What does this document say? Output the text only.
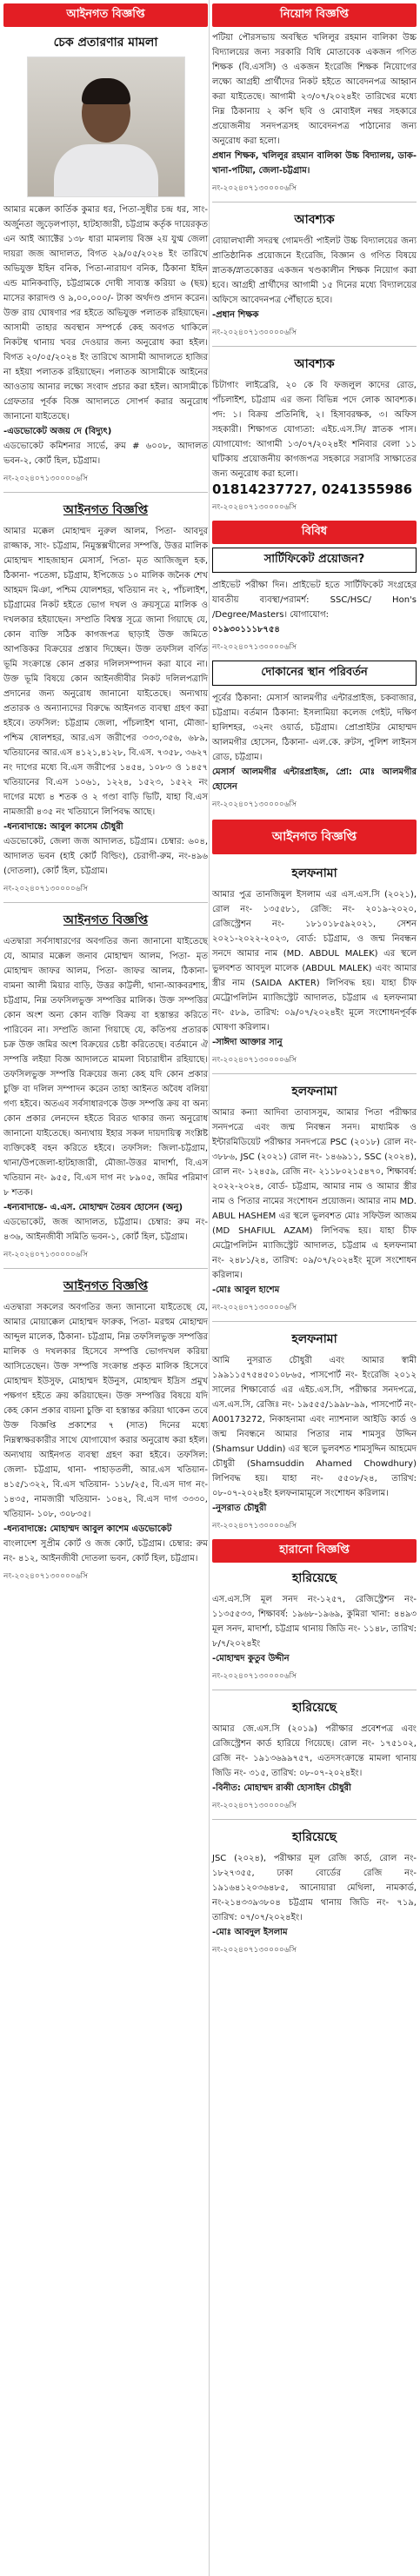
আইনগত বিজ্ঞপ্তি
চেক প্রতারণার মামলা
আমার মক্কেল কার্তিক কুমার ধর, পিতা-সুধীর চন্দ্র ধর, সাং-অর্জুনতা জুড়েলপাড়া, হাটহাজারী, চট্টগ্রাম কর্তৃক দায়েরকৃত এন আই অ্যাক্টের ১৩৮ ধারা মামলায় বিজ্ঞ ২য় যুগ্ম জেলা দায়রা জজ আদালত, বিগত ২৯/০৫/২০২৪ ইং তারিখে অভিযুক্ত ইহিন বনিক, পিতা-নারায়ণ বনিক, ঠিকানা ইহিন এন্ড মানিকবাড়ি, চট্টগ্রামকে দোষী সাব্যস্ত করিয়া ৬ (ছয়) মাসের কারাদণ্ড ও ৯,০০,০০০/- টাকা অর্থদণ্ড প্রদান করেন। উক্ত রায় ঘোষণার পর হইতে অভিযুক্ত পলাতক রহিয়াছেন। আসামী তাহার অবস্থান সম্পর্কে কেহ অবগত থাকিলে নিকটস্থ থানায় খবর দেওয়ার জন্য অনুরোধ করা হইল। বিগত ২০/০৫/২০২৪ ইং তারিখে আসামী আদালতে হাজির না হইয়া পলাতক রহিয়াছেন। পলাতক আসামীকে আইনের আওতায় আনার লক্ষ্যে সংবাদ প্রচার করা হইল। আসামীকে গ্রেফতার পূর্বক বিজ্ঞ আদালতে সোপর্দ করার অনুরোধ জানানো যাইতেছে।
-এডভোকেট অজয় দে (বিদ্যুৎ)
এডভোকেট কমিশনার সার্ভে, রুম # ৬০০৮, আদালত ভবন-২, কোর্ট হিল, চট্টগ্রাম।
নং-২০২৪০৭১৩০০০০৬সি
আইনগত বিজ্ঞপ্তি
আমার মক্কেল মোহাম্মদ নুরুল আলম, পিতা- আবদুর রাজ্জাক, সাং- চট্টগ্রাম, নিমুস্তক্সখীলের সম্পত্তি, উত্তর মালিক মোহাম্মদ শাহজাহান মেসার্স, পিতা- মৃত আজিজুল হক, ঠিকানা- পতেঙ্গা, চট্টগ্রাম, ইপিজেড ১০ মালিক জনৈক শেখ আহমদ মিঞা, পশ্চিম যোলশহর, খতিয়ান নং ২, পাঁচলাইশ, চট্টগ্রামের নিকট হইতে ভোগ দখল ও ক্রয়সূত্রে মালিক ও দখলকার হইয়াছেন। সম্প্রতি বিশ্বস্ত সূত্রে জানা গিয়াছে যে, কোন ব্যক্তি সঠিক কাগজপত্র ছাড়াই উক্ত জমিতে আপত্তিকর বিক্রয়ের প্রস্তাব দিচ্ছেন। উক্ত তফসিল বর্ণিত ভূমি সংক্রান্তে কোন প্রকার দলিলসম্পাদন করা যাবে না। উক্ত ভূমি বিষয়ে কোন আইনজীবীর নিকট দলিলপত্রাদি প্রদানের জন্য অনুরোধ জানানো যাইতেছে। অন্যথায় প্রতারক ও অন্যান্যদের বিরুদ্ধে আইনগত ব্যবস্থা গ্রহণ করা হইবে। তফসিল: চট্টগ্রাম জেলা, পাঁচলাইশ থানা, মৌজা- পশ্চিম ষোলশহর, আর.এস জরীপের ৩৩৩,৩৫৬, ৬৮৯, খতিয়ানের আর.এস ৪১২১,৪১২৮, বি.এস. ৭৩৫৮, ৩৬২৭ নং দাগের মধ্যে বি.এস জরীপের ১৪৫৪, ১০৮৩ ও ১৪৫৭ খতিয়ানের বি.এস ১০৬১, ১২২৪, ১৫২৩, ১৫২২ নং দাগের মধ্যে ৪ শতক ও ২ গণ্ডা বাড়ি ভিটি, যাহা বি.এস নামজারী ৪৩৫ নং খতিয়ানে লিপিবদ্ধ আছে।
-ধন্যবাদান্তে: আবুল কাসেম চৌধুরী
এডভোকেট, জেলা জজ আদালত, চট্টগ্রাম। চেম্বার: ৬০৪, আদালত ভবন (হাই কোর্ট বিল্ডিং), চেরাগী-রুম, নং-৪৯৬ (দোতলা), কোর্ট হিল, চট্টগ্রাম।
নং-২০২৪০৭১৩০০০০৬সি
আইনগত বিজ্ঞপ্তি
এতদ্বারা সর্বসাধারণের অবগতির জন্য জানানো যাইতেছে যে, আমার মক্কেল জনাব মোহাম্মদ আলম, পিতা- মৃত মোহাম্মদ জাফর আলম, পিতা- জাফর আলম, ঠিকানা- বামনা আলী মিয়ার বাড়ি, উত্তর কাট্টলী, থানা-আকবরশাহ, চট্টগ্রাম, নিম্ন তফসিলভুক্ত সম্পত্তির মালিক। উক্ত সম্পত্তির কোন অংশ অন্য কোন ব্যক্তি বিক্রয় বা হস্তান্তর করিতে পারিবেন না। সম্প্রতি জানা গিয়াছে যে, কতিপয় প্রতারক চক্র উক্ত জমির অংশ বিক্রয়ের চেষ্টা করিতেছে। বর্তমানে ঐ সম্পত্তি লইয়া বিজ্ঞ আদালতে মামলা বিচারাধীন রহিয়াছে। তফসিলভুক্ত সম্পত্তি বিক্রয়ের জন্য কেহ যদি কোন প্রকার চুক্তি বা দলিল সম্পাদন করেন তাহা আইনত অবৈধ বলিয়া গণ্য হইবে। অতএব সর্বসাধারণকে উক্ত সম্পত্তি ক্রয় বা অন্য কোন প্রকার লেনদেন হইতে বিরত থাকার জন্য অনুরোধ জানানো যাইতেছে। অন্যথায় ইহার সকল দায়দায়িত্ব সংশ্লিষ্ট ব্যক্তিকেই বহন করিতে হইবে। তফসিল: জিলা-চট্টগ্রাম, থানা/উপজেলা-হাটহাজারী, মৌজা-উত্তর মাদার্শা, বি.এস খতিয়ান নং- ৯৫৫, বি.এস দাগ নং ৮৯০৫, জমির পরিমাণ ৮ শতক।
-ধন্যবাদান্তে- এ.এস. মোহাম্মদ তৈয়ব হোসেন (অনু)
এডভোকেট, জজ আদালত, চট্টগ্রাম। চেম্বার: রুম নং- ৪৩৬, আইনজীবী সমিতি ভবন-১, কোর্ট হিল, চট্টগ্রাম।
নং-২০২৪০৭১৩০০০০৬সি
আইনগত বিজ্ঞপ্তি
এতদ্বারা সকলের অবগতির জন্য জানানো যাইতেছে যে, আমার মোয়াক্কেল মোহাম্মদ ফারুক, পিতা- মরহুম মোহাম্মদ আব্দুল মালেক, ঠিকানা- চট্টগ্রাম, নিম্ন তফসিলভুক্ত সম্পত্তির মালিক ও দখলকার হিসেবে সম্পত্তি ভোগদখল করিয়া আসিতেছেন। উক্ত সম্পত্তি সংক্রান্ত প্রকৃত মালিক হিসেবে মোহাম্মদ ইউসুফ, মোহাম্মদ ইউনুস, মোহাম্মদ ইদ্রিস প্রমুখ পক্ষগণ হইতে ক্রয় করিয়াছেন। উক্ত সম্পত্তির বিষয়ে যদি কেহ কোন প্রকার বায়না চুক্তি বা হস্তান্তর করিয়া থাকেন তবে উক্ত বিজ্ঞপ্তি প্রকাশের ৭ (সাত) দিনের মধ্যে নিম্নস্বাক্ষরকারীর সাথে যোগাযোগ করার অনুরোধ করা হইল। অন্যথায় আইনগত ব্যবস্থা গ্রহণ করা হইবে। তফসিল: জেলা- চট্টগ্রাম, থানা- পাহাড়তলী, আর.এস খতিয়ান- ৪১৫/১৩২২, বি.এস খতিয়ান- ১১৮/২৫, বি.এস দাগ নং- ১৪৩৫, নামজারী খতিয়ান- ১০৪২, বি.এস দাগ ৩৩৩০, খতিয়ান- ১০৮, ৩০৮৩৫।
-ধন্যবাদান্তে: মোহাম্মদ আবুল কাশেম এডভোকেট
বাংলাদেশ সুপ্রীম কোর্ট ও জজ কোর্ট, চট্টগ্রাম। চেম্বার: রুম নং- ৪১২, আইনজীবী দোতলা ভবন, কোর্ট হিল, চট্টগ্রাম।
নং-২০২৪০৭১৩০০০০৬সি
নিয়োগ বিজ্ঞপ্তি
পটিয়া পৌরসভায় অবস্থিত খলিলুর রহমান বালিকা উচ্চ বিদ্যালয়ের জন্য সরকারি বিধি মোতাবেক একজন গণিত শিক্ষক (বি.এসসি) ও একজন ইংরেজি শিক্ষক নিয়োগের লক্ষ্যে আগ্রহী প্রার্থীদের নিকট হইতে আবেদনপত্র আহ্বান করা যাইতেছে। আগামী ২৩/০৭/২০২৪ইং তারিখের মধ্যে নিম্ন ঠিকানায় ২ কপি ছবি ও মোবাইল নম্বর সহকারে প্রয়োজনীয় সনদপত্রসহ আবেদনপত্র পাঠানোর জন্য অনুরোধ করা হলো।
প্রধান শিক্ষক, খলিলুর রহমান বালিকা উচ্চ বিদ্যালয়, ডাক-খানা-পটিয়া, জেলা-চট্টগ্রাম।
নং-২০২৪০৭১৩০০০০৬সি
আবশ্যক
বোয়ালখালী সদরস্থ গোমদণ্ডী পাইলট উচ্চ বিদ্যালয়ের জন্য প্রাতিষ্ঠানিক প্রয়োজনে ইংরেজি, বিজ্ঞান ও গণিত বিষয়ে স্নাতক/স্নাতকোত্তর একজন খণ্ডকালীন শিক্ষক নিয়োগ করা হবে। আগ্রহী প্রার্থীদের আগামী ১৫ দিনের মধ্যে বিদ্যালয়ের অফিসে আবেদনপত্র পৌঁছাতে হবে।
-প্রধান শিক্ষক
নং-২০২৪০৭১৩০০০০৬সি
আবশ্যক
চিটাগাং লাইব্রেরি, ২০ কে বি ফজলুল কাদের রোড, পাঁচলাইশ, চট্টগ্রাম এর জন্য বিভিন্ন পদে লোক আবশ্যক। পদ: ১। বিক্রয় প্রতিনিধি, ২। হিসাবরক্ষক, ৩। অফিস সহকারী। শিক্ষাগত যোগ্যতা: এইচ.এস.সি/ স্নাতক পাস। যোগাযোগ: আগামী ১৩/০৭/২০২৪ইং শনিবার বেলা ১১ ঘটিকায় প্রয়োজনীয় কাগজপত্র সহকারে সরাসরি সাক্ষাতের জন্য অনুরোধ করা হলো।
01814237727, 0241355986
নং-২০২৪০৭১৩০০০০৬সি
বিবিধ
সার্টিফিকেট প্রয়োজন?
প্রাইভেট পরীক্ষা দিন। প্রাইভেট হতে সার্টিফিকেট সংগ্রহের যাবতীয় ব্যবস্থা/পরামর্শ: SSC/HSC/ Hon's /Degree/Masters। যোগাযোগ:
০১৯৩০১১১৮৭৫৪
নং-২০২৪০৭১৩০০০০৬সি
দোকানের স্থান পরিবর্তন
পূর্বের ঠিকানা: মেসার্স আলমগীর এন্টারপ্রাইজ, চকবাজার, চট্টগ্রাম। বর্তমান ঠিকানা: ইসলামিয়া কলেজ গেইট, দক্ষিণ হালিশহর, ৩২নং ওয়ার্ড, চট্টগ্রাম। প্রোপ্রাইটর মোহাম্মদ আলমগীর হোসেন, ঠিকানা- এল.কে. রুটস, পুলিশ লাইনস রোড, চট্টগ্রাম।
মেসার্স আলমগীর এন্টারপ্রাইজ, প্রো: মোঃ আলমগীর হোসেন
নং-২০২৪০৭১৩০০০০৬সি
আইনগত বিজ্ঞপ্তি
হলফনামা
আমার পুত্র তানজিমুল ইসলাম এর এস.এস.সি (২০২১), রোল নং- ১৩৫৫৮১, রেজি: নং- ২০১৯-২০২০, রেজিস্ট্রেশন নং- ১৮১০১৮৫৯২০২১, সেশন ২০২১-২০২২-২০২৩, বোর্ড: চট্টগ্রাম, ও জন্ম নিবন্ধন সনদে আমার নাম (MD. ABDUL MALEK) এর স্থলে ভুলবশত আবদুল মালেক (ABDUL MALEK) এবং আমার স্ত্রীর নাম (SAIDA AKTER) লিপিবদ্ধ হয়। যাহা চীফ মেট্রোপলিটন ম্যাজিস্ট্রেট আদালত, চট্টগ্রাম এ হলফনামা নং- ৫৮৯, তারিখ: ০৯/০৭/২০২৪ইং মূলে সংশোধনপূর্বক ঘোষণা করিলাম।
-সাঈদা আক্তার সানু
নং-২০২৪০৭১৩০০০০৬সি
হলফনামা
আমার কন্যা আদিবা তাবাসসুম, আমার পিতা পরীক্ষার সনদপত্রে এবং জন্ম নিবন্ধন সনদ। মাধ্যমিক ও ইন্টারমিডিয়েট পরীক্ষার সনদপত্রে PSC (২০১৮) রোল নং- ৩৮৮৬, JSC (২০২১) রোল নং- ১৪৬৯১১, SSC (২০২৪), রোল নং- ১২৪৫৯, রেজি নং- ২১১৮০২১৫৪৭০, শিক্ষাবর্ষ: ২০২২-২০২৪, বোর্ড- চট্টগ্রাম, আমার নাম ও আমার স্ত্রীর নাম ও পিতার নামের সংশোধন প্রয়োজন। আমার নাম MD. ABUL HASHEM এর স্থলে ভুলবশত মোঃ সফিউল আজম (MD SHAFIUL AZAM) লিপিবদ্ধ হয়। যাহা চীফ মেট্রোপলিটন ম্যাজিস্ট্রেট আদালত, চট্টগ্রাম এ হলফনামা নং- ২৪৮১/২৪, তারিখ: ০৯/০৭/২০২৪ইং মূলে সংশোধন করিলাম।
-মোঃ আবুল হাশেম
নং-২০২৪০৭১৩০০০০৬সি
হলফনামা
আমি নুসরাত চৌধুরী এবং আমার স্বামী ১৯৯১১৫৭৫৪৫০১০৮৬৫, পাসপোর্ট নং- ইংরেজি ২০১২ সালের শিক্ষাবোর্ড এর এইচ.এস.সি, পরীক্ষার সনদপত্রে, এস.এস.সি, রেজিঃ নং- ১৯৫৫৫/১৯৯৮-৯৯, পাসপোর্ট নং- A00173272, নিকাহনামা এবং ন্যাশনাল আইডি কার্ড ও জন্ম নিবন্ধনে আমার পিতার নাম শামসুর উদ্দিন (Shamsur Uddin) এর স্থলে ভুলবশত শামসুদ্দিন আহমেদ চৌধুরী (Shamsuddin Ahamed Chowdhury) লিপিবদ্ধ হয়। যাহা নং- ৫৫০৮/২৪, তারিখ: ০৮-০৭-২০২৪ইং হলফনামামূলে সংশোধন করিলাম।
-নুসরাত চৌধুরী
নং-২০২৪০৭১৩০০০০৬সি
হারানো বিজ্ঞপ্তি
হারিয়েছে
এস.এস.সি মূল সনদ নং-১২৫৭, রেজিস্ট্রেশন নং- ১১৩৫৫৩৩, শিক্ষাবর্ষ: ১৯৬৮-১৯৬৯, কুমিরা খানা: ৪৪৯৩ মূল সনদ, মাদার্শা, চট্টগ্রাম থানায় জিডি নং- ১১৪৮, তারিখ: ৮/৭/২০২৪ইং
-মোহাম্মদ কুতুব উদ্দীন
নং-২০২৪০৭১৩০০০০৬সি
হারিয়েছে
আমার জে.এস.সি (২০১৯) পরীক্ষার প্রবেশপত্র এবং রেজিস্ট্রেশন কার্ড হারিয়ে গিয়েছে। রোল নং- ১৭৫১০২, রেজি নং- ১৯১৩৬৯৯৭৫৭, এতদসংক্রান্তে মামলা থানায় জিডি নং- ৩১৫, তারিখ: ০৮-০৭-২০২৪ইং।
-বিনীত: মোহাম্মদ রাব্বী হোসাইন চৌধুরী
নং-২০২৪০৭১৩০০০০৬সি
হারিয়েছে
JSC (২০২৪), পরীক্ষার মূল রেজি কার্ড, রোল নং- ১৮২৭৩৫৫, ঢাকা বোর্ডের রেজি নং- ১৯১৬৪১২০৩৬৪৮৫, আনোয়ারা মেথিলা, নামকার্ড, নং-২১৪৩৩৯৩৮০৪ চট্টগ্রাম থানায় জিডি নং- ৭১৯, তারিখ: ০৭/০৭/২০২৪ইং।
-মোঃ আবদুল ইসলাম
নং-২০২৪০৭১৩০০০০৬সি
